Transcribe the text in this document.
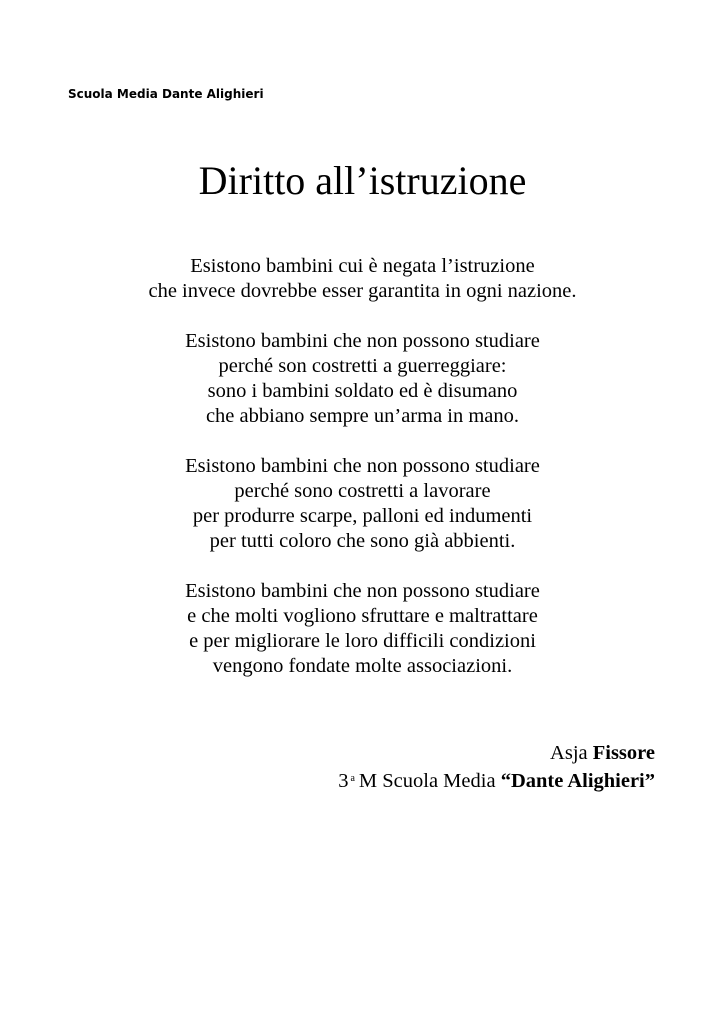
Scuola Media Dante Alighieri
Diritto all’istruzione
Esistono bambini cui è negata l’istruzione
che invece dovrebbe esser garantita in ogni nazione.
Esistono bambini che non possono studiare
perché son costretti a guerreggiare:
sono i bambini soldato ed è disumano
che abbiano sempre un’arma in mano.
Esistono bambini che non possono studiare
perché sono costretti a lavorare
per produrre scarpe, palloni ed indumenti
per tutti coloro che sono già abbienti.
Esistono bambini che non possono studiare
e che molti vogliono sfruttare e maltrattare
e per migliorare le loro difficili condizioni
vengono fondate molte associazioni.
Asja Fissore
3 $^a$ M Scuola Media “Dante Alighieri”
